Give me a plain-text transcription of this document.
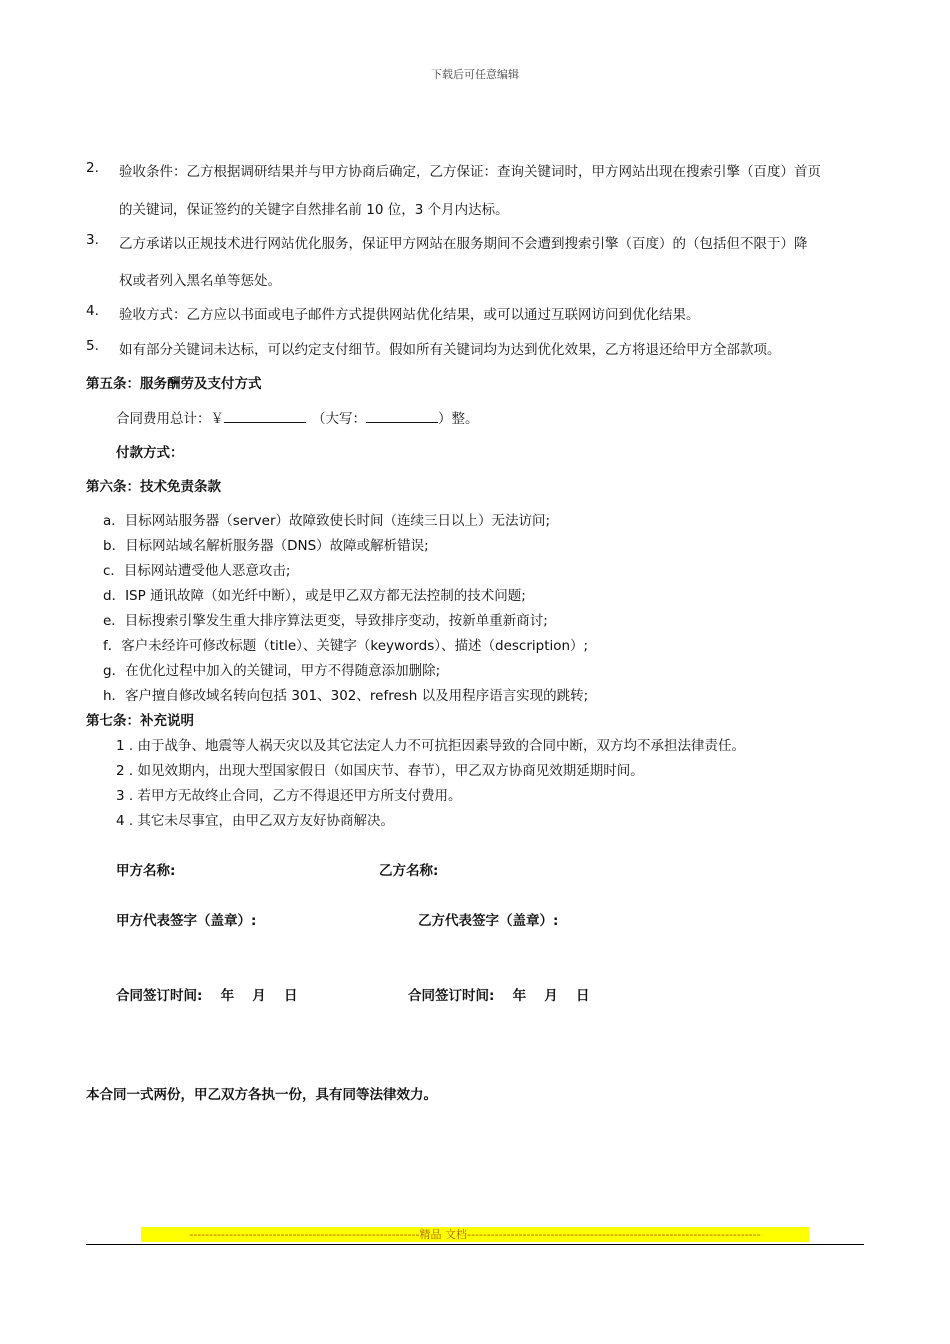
下载后可任意编辑
2. 验收条件：乙方根据调研结果并与甲方协商后确定，乙方保证：查询关键词时，甲方网站出现在搜索引擎（百度）首页
的关键词，保证签约的关键字自然排名前 10 位，3 个月内达标。
3. 乙方承诺以正规技术进行网站优化服务，保证甲方网站在服务期间不会遭到搜索引擎（百度）的（包括但不限于）降
权或者列入黑名单等惩处。
4. 验收方式：乙方应以书面或电子邮件方式提供网站优化结果，或可以通过互联网访问到优化结果。
5. 如有部分关键词未达标，可以约定支付细节。假如所有关键词均为达到优化效果，乙方将退还给甲方全部款项。
第五条：服务酬劳及支付方式
合同费用总计：￥	（大写：	）整。
付款方式：
第六条：技术免责条款
a．目标网站服务器（server）故障致使长时间（连续三日以上）无法访问;
b．目标网站域名解析服务器（DNS）故障或解析错误;
c．目标网站遭受他人恶意攻击;
d．ISP 通讯故障（如光纤中断），或是甲乙双方都无法控制的技术问题;
e．目标搜索引擎发生重大排序算法更变，导致排序变动，按新单重新商讨;
f．客户未经许可修改标题（title）、关键字（keywords）、描述（description）;
g．在优化过程中加入的关键词，甲方不得随意添加删除;
h．客户擅自修改域名转向包括 301、302、refresh 以及用程序语言实现的跳转;
第七条：补充说明
1 . 由于战争、地震等人祸天灾以及其它法定人力不可抗拒因素导致的合同中断，双方均不承担法律责任。
2 . 如见效期内，出现大型国家假日（如国庆节、春节），甲乙双方协商见效期延期时间。
3 . 若甲方无故终止合同，乙方不得退还甲方所支付费用。
4 . 其它未尽事宜，由甲乙双方友好协商解决。
甲方名称:	乙方名称:
甲方代表签字（盖章）:	乙方代表签字（盖章）:
合同签订时间:　 年　 月　 日	合同签订时间:　 年　 月　 日
本合同一式两份，甲乙双方各执一份，具有同等法律效力。
----------------------------------------------------------精品 文档--------------------------------------------------------------------------
